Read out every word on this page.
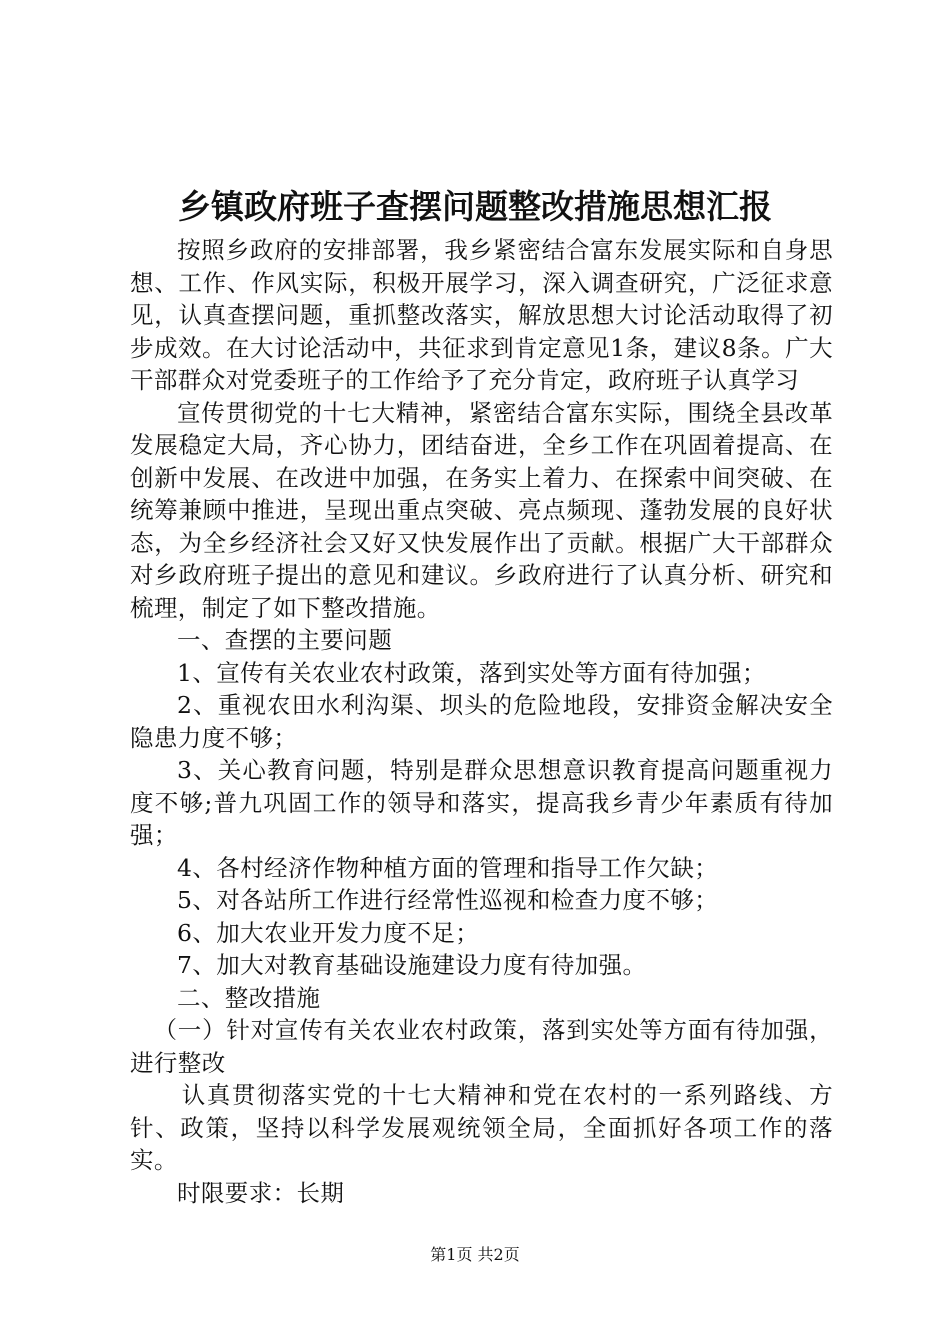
乡镇政府班子查摆问题整改措施思想汇报

按照乡政府的安排部署，我乡紧密结合富东发展实际和自身思想、工作、作风实际，积极开展学习，深入调查研究，广泛征求意见，认真查摆问题，重抓整改落实，解放思想大讨论活动取得了初步成效。在大讨论活动中，共征求到肯定意见1条，建议8条。广大干部群众对党委班子的工作给予了充分肯定，政府班子认真学习

宣传贯彻党的十七大精神，紧密结合富东实际，围绕全县改革发展稳定大局，齐心协力，团结奋进，全乡工作在巩固着提高、在创新中发展、在改进中加强，在务实上着力、在探索中间突破、在统筹兼顾中推进，呈现出重点突破、亮点频现、蓬勃发展的良好状态，为全乡经济社会又好又快发展作出了贡献。根据广大干部群众对乡政府班子提出的意见和建议。乡政府进行了认真分析、研究和梳理，制定了如下整改措施。

一、查摆的主要问题

1、宣传有关农业农村政策，落到实处等方面有待加强；

2、重视农田水利沟渠、坝头的危险地段，安排资金解决安全隐患力度不够；

3、关心教育问题，特别是群众思想意识教育提高问题重视力度不够;普九巩固工作的领导和落实，提高我乡青少年素质有待加强；

4、各村经济作物种植方面的管理和指导工作欠缺；

5、对各站所工作进行经常性巡视和检查力度不够；

6、加大农业开发力度不足；

7、加大对教育基础设施建设力度有待加强。

二、整改措施

（一）针对宣传有关农业农村政策，落到实处等方面有待加强，进行整改

认真贯彻落实党的十七大精神和党在农村的一系列路线、方针、政策，坚持以科学发展观统领全局，全面抓好各项工作的落实。

时限要求：长期

第1页 共2页
